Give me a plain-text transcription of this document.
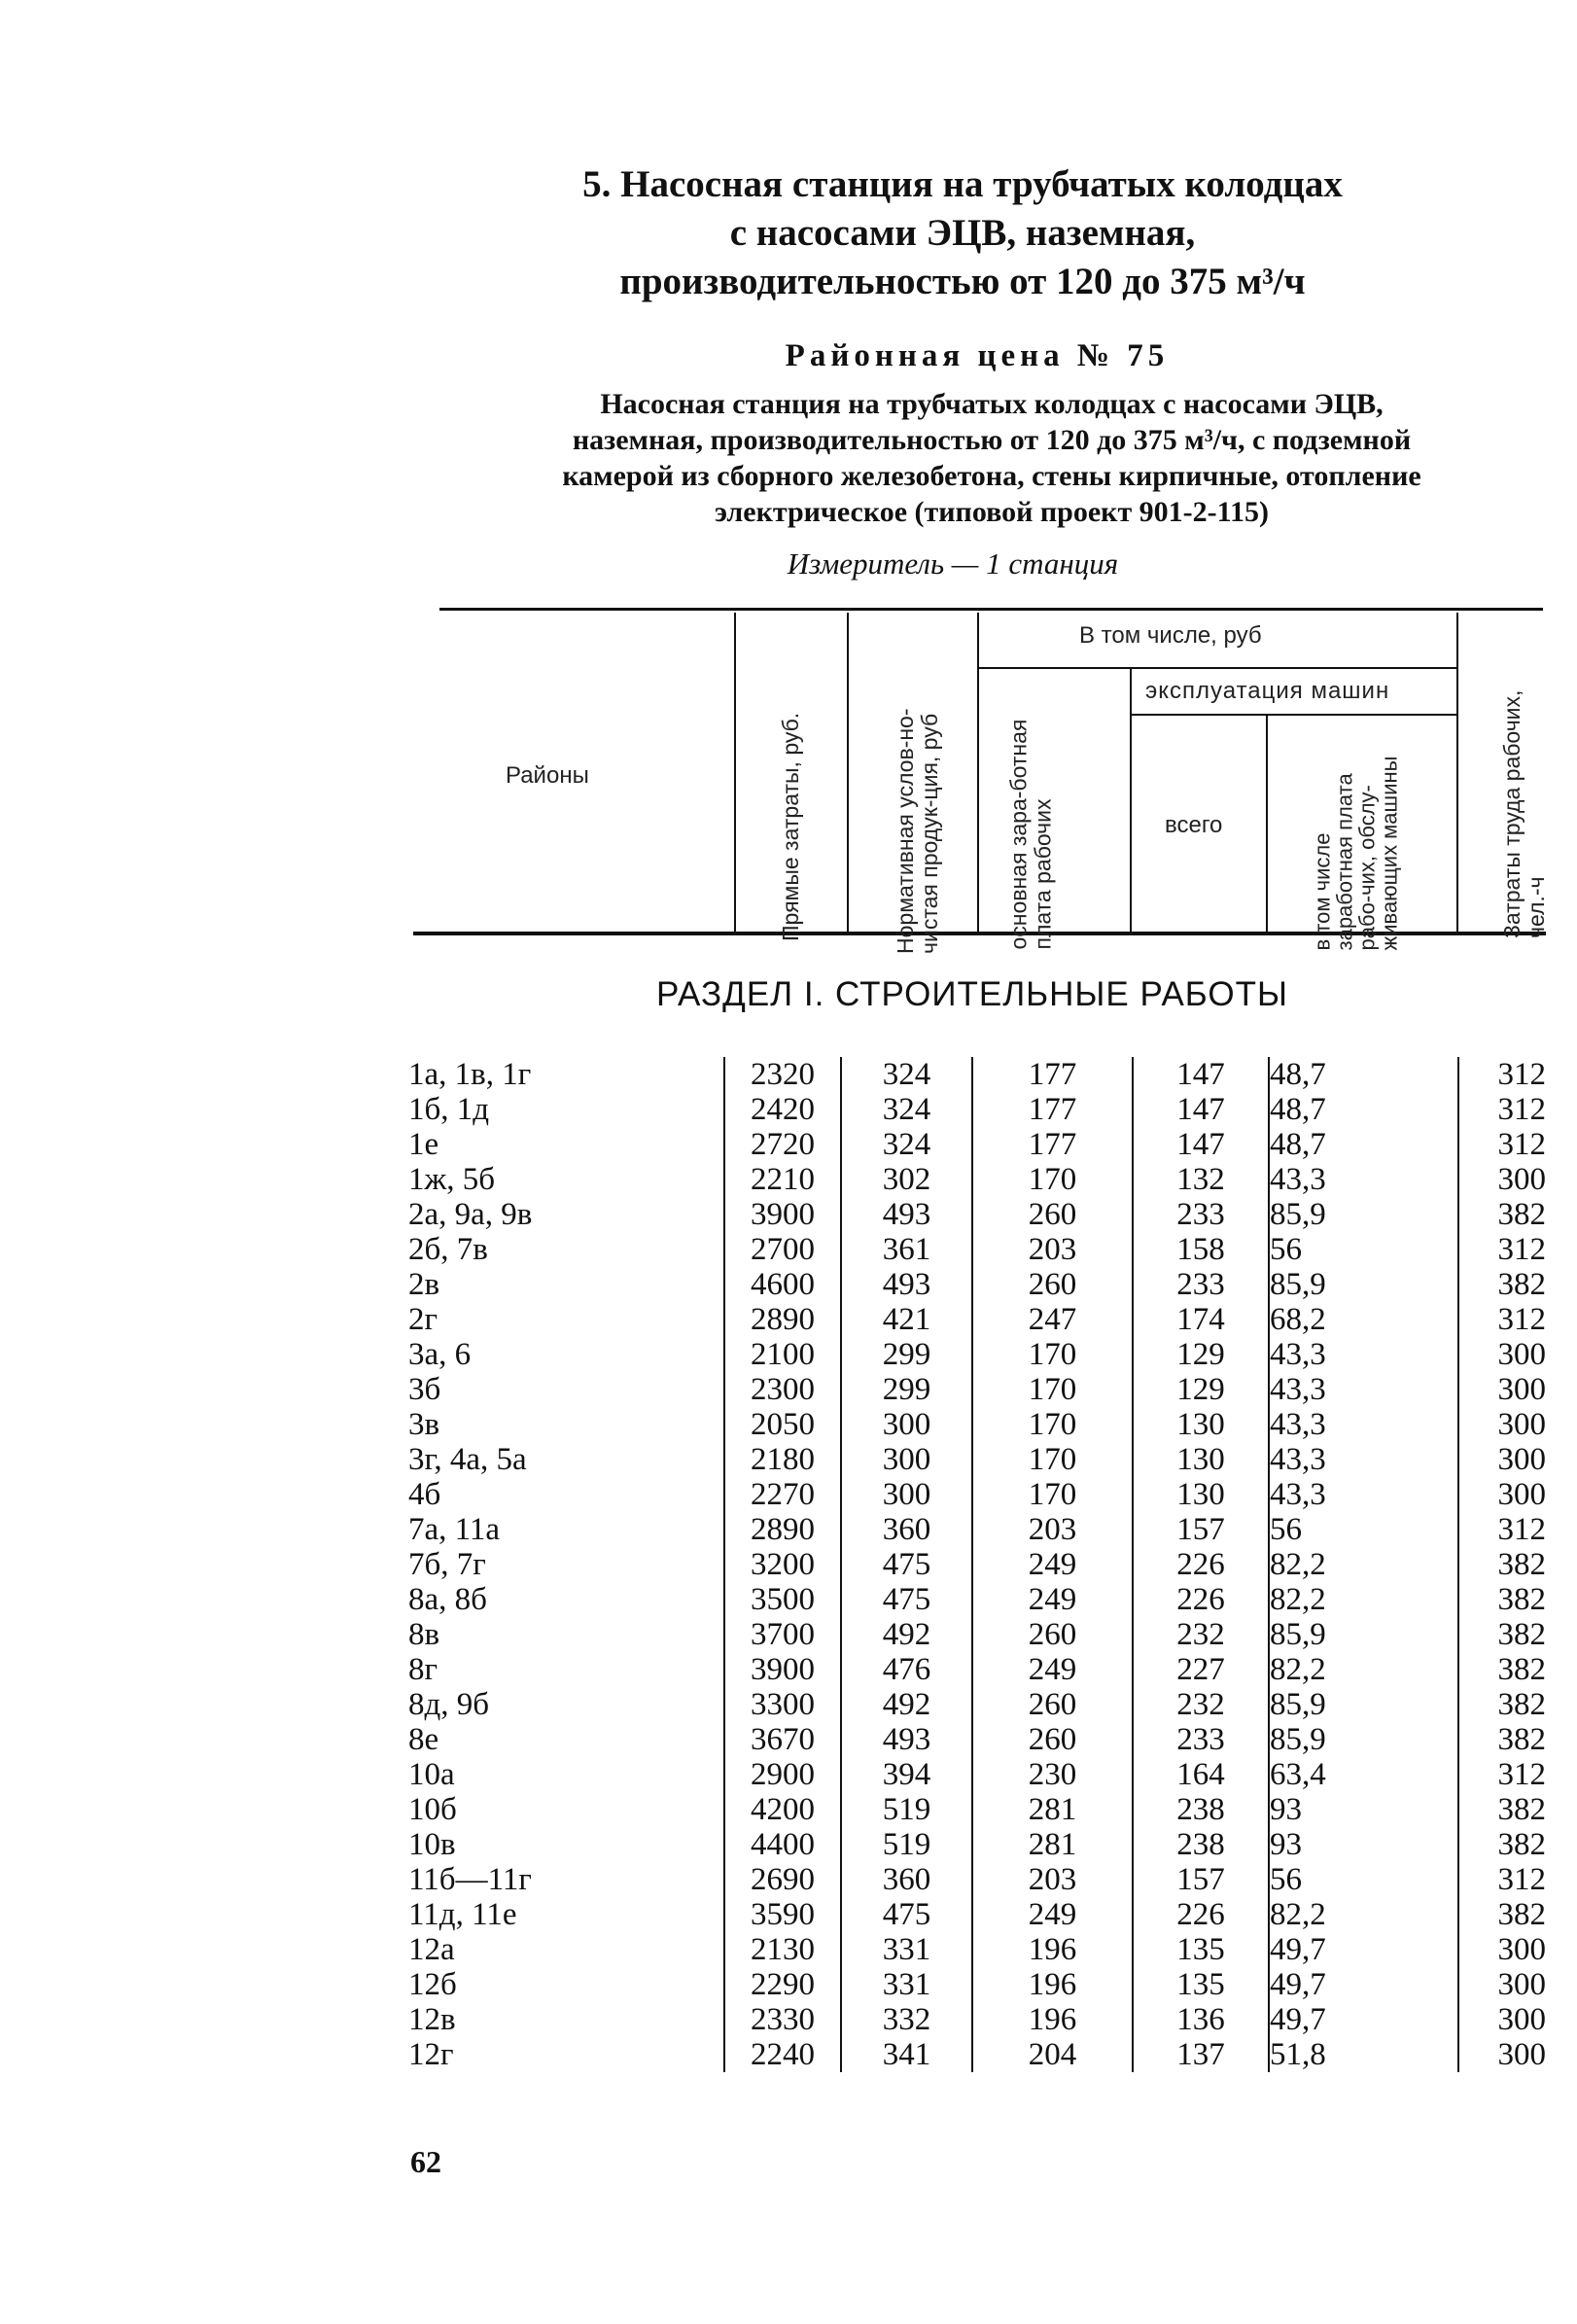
5. Насосная станция на трубчатых колодцах
с насосами ЭЦВ, наземная,
производительностью от 120 до 375 м³/ч
Районная цена № 75
Насосная станция на трубчатых колодцах с насосами ЭЦВ,
наземная, производительностью от 120 до 375 м³/ч, с подземной
камерой из сборного железобетона, стены кирпичные, отопление
электрическое (типовой проект 901-2-115)
Измеритель — 1 станция
Районы	Прямые затраты, руб.	Нормативная услов-но-чистая продук-ция, руб
В том числе, руб
основная зара-ботная плата рабочих
эксплуатация машин
всего
в том числе заработная плата рабо-чих, обслу-живающих машины	Затраты труда рабочих, чел.-ч
РАЗДЕЛ I. СТРОИТЕЛЬНЫЕ РАБОТЫ
1а, 1в, 1г	2320	324	177	147	48,7	312
1б, 1д	2420	324	177	147	48,7	312
1е	2720	324	177	147	48,7	312
1ж, 5б	2210	302	170	132	43,3	300
2а, 9а, 9в	3900	493	260	233	85,9	382
2б, 7в	2700	361	203	158	56	312
2в	4600	493	260	233	85,9	382
2г	2890	421	247	174	68,2	312
3а, 6	2100	299	170	129	43,3	300
3б	2300	299	170	129	43,3	300
3в	2050	300	170	130	43,3	300
3г, 4а, 5а	2180	300	170	130	43,3	300
4б	2270	300	170	130	43,3	300
7а, 11а	2890	360	203	157	56	312
7б, 7г	3200	475	249	226	82,2	382
8а, 8б	3500	475	249	226	82,2	382
8в	3700	492	260	232	85,9	382
8г	3900	476	249	227	82,2	382
8д, 9б	3300	492	260	232	85,9	382
8е	3670	493	260	233	85,9	382
10а	2900	394	230	164	63,4	312
10б	4200	519	281	238	93	382
10в	4400	519	281	238	93	382
11б—11г	2690	360	203	157	56	312
11д, 11е	3590	475	249	226	82,2	382
12а	2130	331	196	135	49,7	300
12б	2290	331	196	135	49,7	300
12в	2330	332	196	136	49,7	300
12г	2240	341	204	137	51,8	300
62
